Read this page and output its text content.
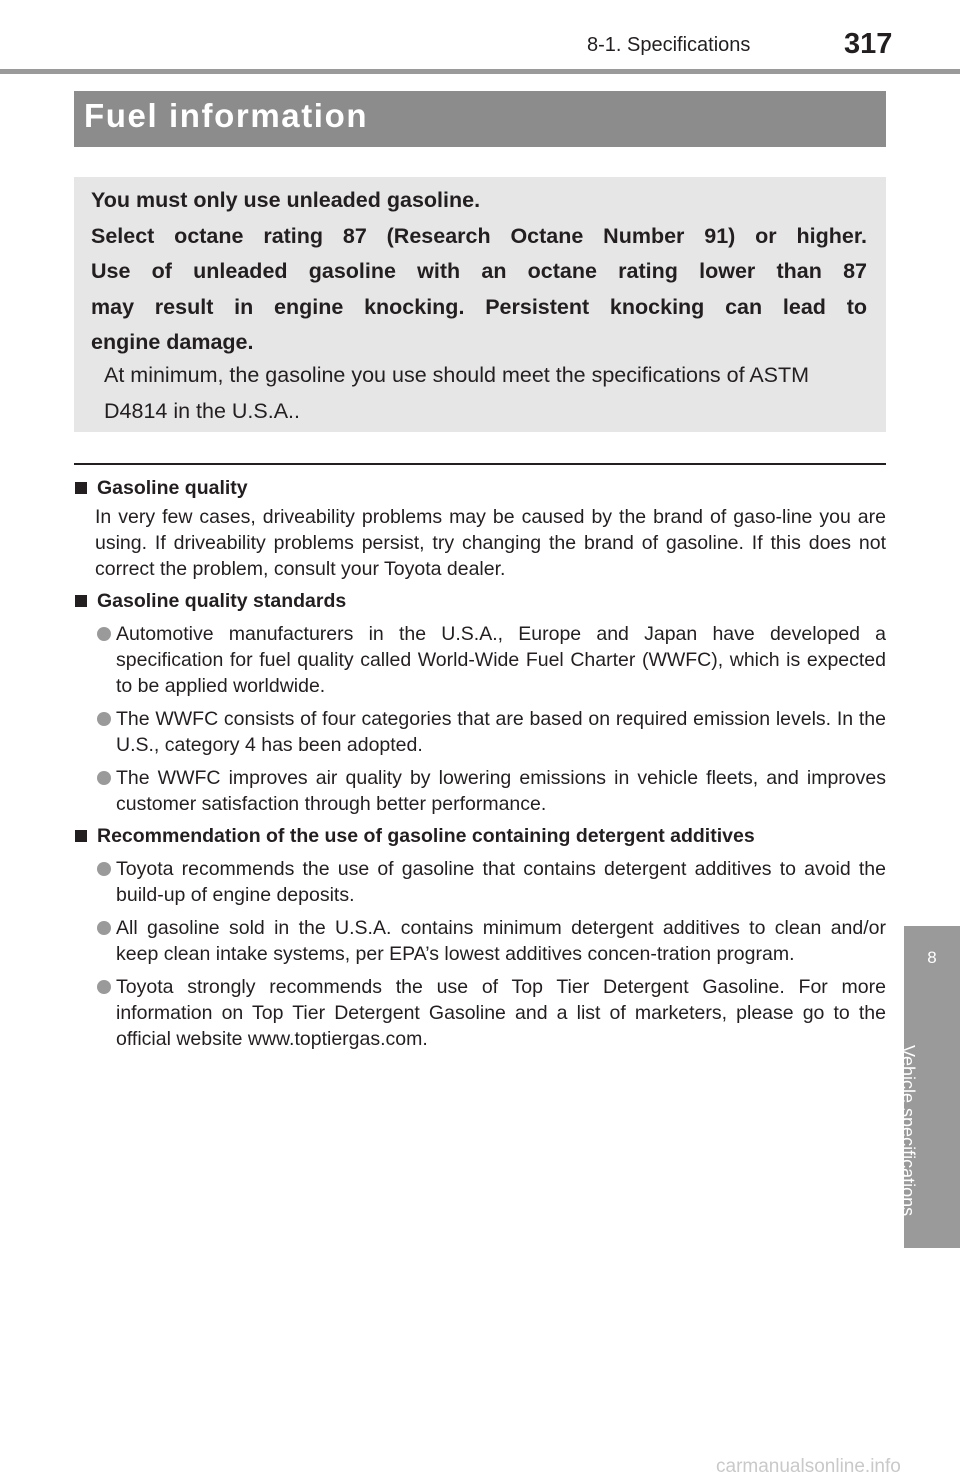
8-1. Specifications	317
Fuel information
You must only use unleaded gasoline.
Select octane rating 87 (Research Octane Number 91) or higher.
Use of unleaded gasoline with an octane rating lower than 87
may result in engine knocking. Persistent knocking can lead to
engine damage.
At minimum, the gasoline you use should meet the specifications of ASTM D4814 in the U.S.A..
Gasoline quality
In very few cases, driveability problems may be caused by the brand of gaso-line you are using. If driveability problems persist, try changing the brand of gasoline. If this does not correct the problem, consult your Toyota dealer.
Gasoline quality standards
Automotive manufacturers in the U.S.A., Europe and Japan have developed a specification for fuel quality called World-Wide Fuel Charter (WWFC), which is expected to be applied worldwide.
The WWFC consists of four categories that are based on required emission levels. In the U.S., category 4 has been adopted.
The WWFC improves air quality by lowering emissions in vehicle fleets, and improves customer satisfaction through better performance.
Recommendation of the use of gasoline containing detergent additives
Toyota recommends the use of gasoline that contains detergent additives to avoid the build-up of engine deposits.
All gasoline sold in the U.S.A. contains minimum detergent additives to clean and/or keep clean intake systems, per EPA’s lowest additives concen-tration program.
Toyota strongly recommends the use of Top Tier Detergent Gasoline. For more information on Top Tier Detergent Gasoline and a list of marketers, please go to the official website www.toptiergas.com.
8
Vehicle specifications
carmanualsonline.info
